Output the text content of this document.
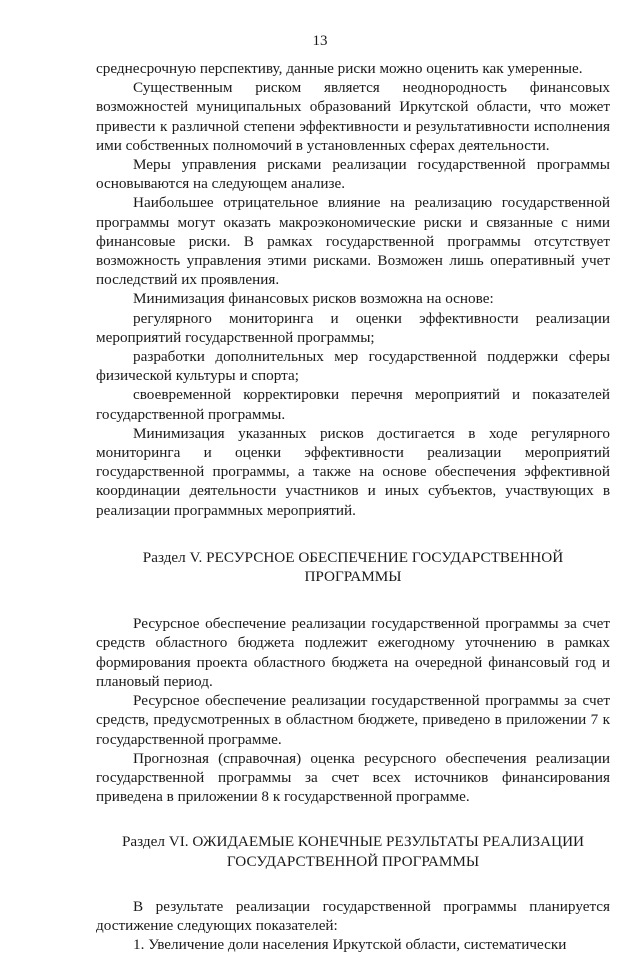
13

среднесрочную перспективу, данные риски можно оценить как умеренные.

Существенным риском является неоднородность финансовых возможностей муниципальных образований Иркутской области, что может привести к различной степени эффективности и результативности исполнения ими собственных полномочий в установленных сферах деятельности.

Меры управления рисками реализации государственной программы основываются на следующем анализе.

Наибольшее отрицательное влияние на реализацию государственной программы могут оказать макроэкономические риски и связанные с ними финансовые риски. В рамках государственной программы отсутствует возможность управления этими рисками. Возможен лишь оперативный учет последствий их проявления.

Минимизация финансовых рисков возможна на основе:

регулярного мониторинга и оценки эффективности реализации мероприятий государственной программы;

разработки дополнительных мер государственной поддержки сферы физической культуры и спорта;

своевременной корректировки перечня мероприятий и показателей государственной программы.

Минимизация указанных рисков достигается в ходе регулярного мониторинга и оценки эффективности реализации мероприятий государственной программы, а также на основе обеспечения эффективной координации деятельности участников и иных субъектов, участвующих в реализации программных мероприятий.

Раздел V. РЕСУРСНОЕ ОБЕСПЕЧЕНИЕ ГОСУДАРСТВЕННОЙ
ПРОГРАММЫ

Ресурсное обеспечение реализации государственной программы за счет средств областного бюджета подлежит ежегодному уточнению в рамках формирования проекта областного бюджета на очередной финансовый год и плановый период.

Ресурсное обеспечение реализации государственной программы за счет средств, предусмотренных в областном бюджете, приведено в приложении 7 к государственной программе.

Прогнозная (справочная) оценка ресурсного обеспечения реализации государственной программы за счет всех источников финансирования приведена в приложении 8 к государственной программе.

Раздел VI. ОЖИДАЕМЫЕ КОНЕЧНЫЕ РЕЗУЛЬТАТЫ РЕАЛИЗАЦИИ
ГОСУДАРСТВЕННОЙ ПРОГРАММЫ

В результате реализации государственной программы планируется достижение следующих показателей:

1. Увеличение доли населения Иркутской области, систематически
